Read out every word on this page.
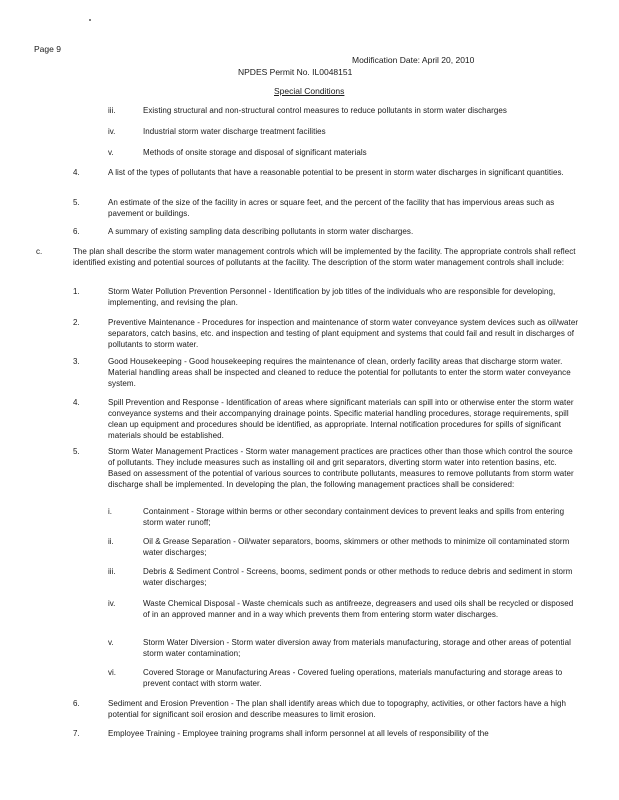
Page 9
Modification Date: April 20, 2010
NPDES Permit No. IL0048151
Special Conditions
iii.	Existing structural and non-structural control measures to reduce pollutants in storm water discharges
iv.	Industrial storm water discharge treatment facilities
v.	Methods of onsite storage and disposal of significant materials
4.	A list of the types of pollutants that have a reasonable potential to be present in storm water discharges in significant quantities.
5.	An estimate of the size of the facility in acres or square feet, and the percent of the facility that has impervious areas such as pavement or buildings.
6.	A summary of existing sampling data describing pollutants in storm water discharges.
c.	The plan shall describe the storm water management controls which will be implemented by the facility. The appropriate controls shall reflect identified existing and potential sources of pollutants at the facility. The description of the storm water management controls shall include:
1.	Storm Water Pollution Prevention Personnel - Identification by job titles of the individuals who are responsible for developing, implementing, and revising the plan.
2.	Preventive Maintenance - Procedures for inspection and maintenance of storm water conveyance system devices such as oil/water separators, catch basins, etc. and inspection and testing of plant equipment and systems that could fail and result in discharges of pollutants to storm water.
3.	Good Housekeeping - Good housekeeping requires the maintenance of clean, orderly facility areas that discharge storm water. Material handling areas shall be inspected and cleaned to reduce the potential for pollutants to enter the storm water conveyance system.
4.	Spill Prevention and Response - Identification of areas where significant materials can spill into or otherwise enter the storm water conveyance systems and their accompanying drainage points. Specific material handling procedures, storage requirements, spill clean up equipment and procedures should be identified, as appropriate. Internal notification procedures for spills of significant materials should be established.
5.	Storm Water Management Practices - Storm water management practices are practices other than those which control the source of pollutants. They include measures such as installing oil and grit separators, diverting storm water into retention basins, etc. Based on assessment of the potential of various sources to contribute pollutants, measures to remove pollutants from storm water discharge shall be implemented. In developing the plan, the following management practices shall be considered:
i.	Containment - Storage within berms or other secondary containment devices to prevent leaks and spills from entering storm water runoff;
ii.	Oil & Grease Separation - Oil/water separators, booms, skimmers or other methods to minimize oil contaminated storm water discharges;
iii.	Debris & Sediment Control - Screens, booms, sediment ponds or other methods to reduce debris and sediment in storm water discharges;
iv.	Waste Chemical Disposal - Waste chemicals such as antifreeze, degreasers and used oils shall be recycled or disposed of in an approved manner and in a way which prevents them from entering storm water discharges.
v.	Storm Water Diversion - Storm water diversion away from materials manufacturing, storage and other areas of potential storm water contamination;
vi.	Covered Storage or Manufacturing Areas - Covered fueling operations, materials manufacturing and storage areas to prevent contact with storm water.
6.	Sediment and Erosion Prevention - The plan shall identify areas which due to topography, activities, or other factors have a high potential for significant soil erosion and describe measures to limit erosion.
7.	Employee Training - Employee training programs shall inform personnel at all levels of responsibility of the
